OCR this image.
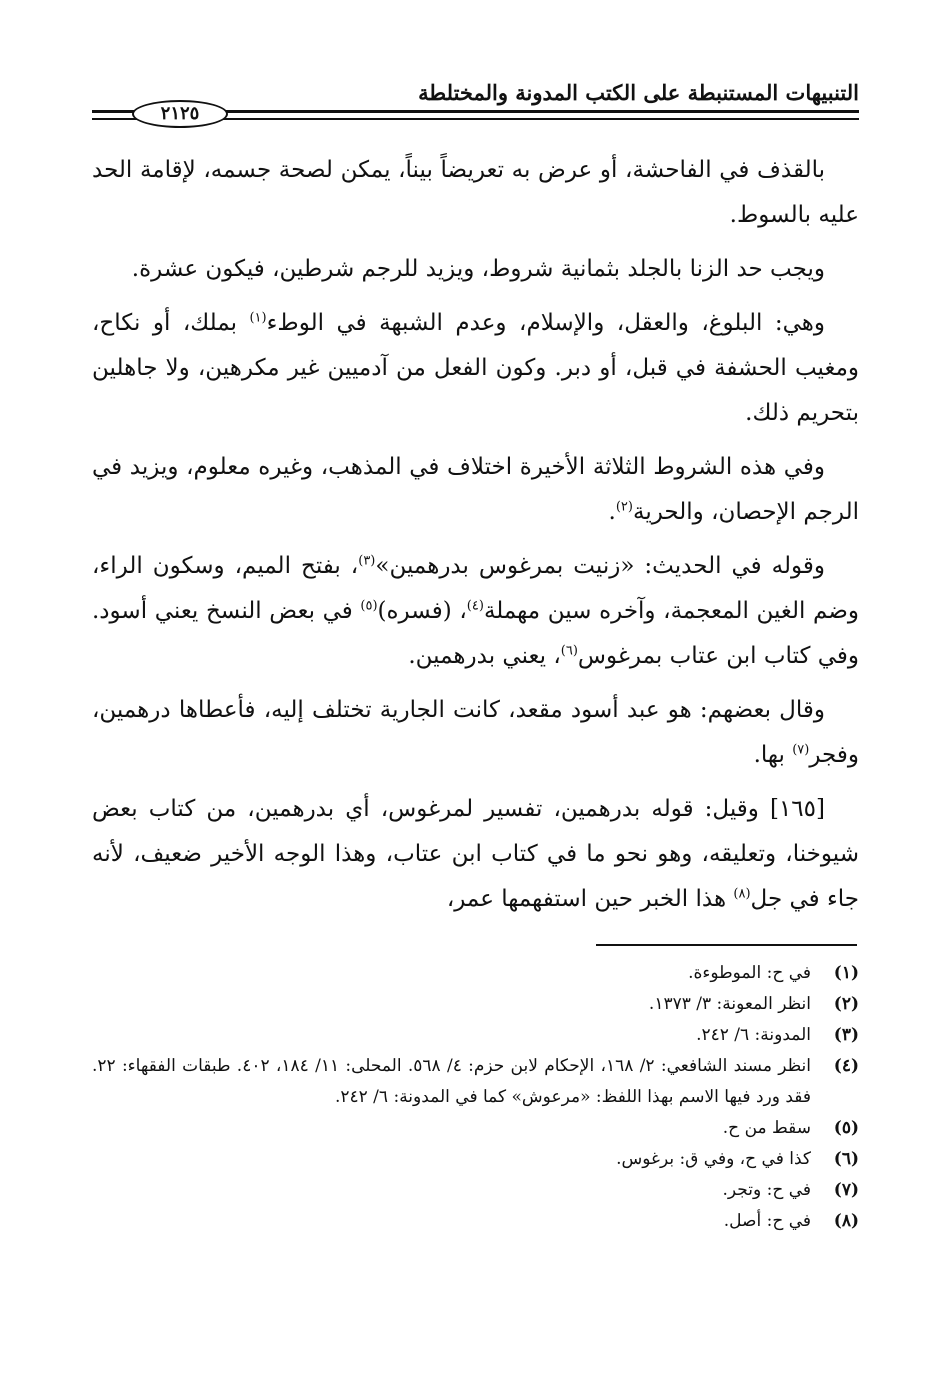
التنبيهات المستنبطة على الكتب المدونة والمختلطة
٢١٢٥

بالقذف في الفاحشة، أو عرض به تعريضاً بيناً، يمكن لصحة جسمه، لإقامة الحد عليه بالسوط.

ويجب حد الزنا بالجلد بثمانية شروط، ويزيد للرجم شرطين، فيكون عشرة.

وهي: البلوغ، والعقل، والإسلام، وعدم الشبهة في الوطء$^{(١)}$ بملك، أو نكاح، ومغيب الحشفة في قبل، أو دبر. وكون الفعل من آدميين غير مكرهين، ولا جاهلين بتحريم ذلك.

وفي هذه الشروط الثلاثة الأخيرة اختلاف في المذهب، وغيره معلوم، ويزيد في الرجم الإحصان، والحرية$^{(٢)}$.

وقوله في الحديث: «زنيت بمرغوس بدرهمين»$^{(٣)}$، بفتح الميم، وسكون الراء، وضم الغين المعجمة، وآخره سين مهملة$^{(٤)}$، (فسره)$^{(٥)}$ في بعض النسخ يعني أسود. وفي كتاب ابن عتاب بمرغوس$^{(٦)}$، يعني بدرهمين.

وقال بعضهم: هو عبد أسود مقعد، كانت الجارية تختلف إليه، فأعطاها درهمين، وفجر$^{(٧)}$ بها.

[١٦٥] وقيل: قوله بدرهمين، تفسير لمرغوس، أي بدرهمين، من كتاب بعض شيوخنا، وتعليقه، وهو نحو ما في كتاب ابن عتاب، وهذا الوجه الأخير ضعيف، لأنه جاء في جل$^{(٨)}$ هذا الخبر حين استفهمها عمر،

(١)
في ح: الموطوءة.
(٢)
انظر المعونة: ٣/ ١٣٧٣.
(٣)
المدونة: ٦/ ٢٤٢.
(٤)
انظر مسند الشافعي: ٢/ ١٦٨، الإحكام لابن حزم: ٤/ ٥٦٨. المحلى: ١١/ ١٨٤، ٤٠٢. طبقات الفقهاء: ٢٢. فقد ورد فيها الاسم بهذا اللفظ: «مرعوش» كما في المدونة: ٦/ ٢٤٢.
(٥)
سقط من ح.
(٦)
كذا في ح، وفي ق: برغوس.
(٧)
في ح: وتجر.
(٨)
في ح: أصل.
